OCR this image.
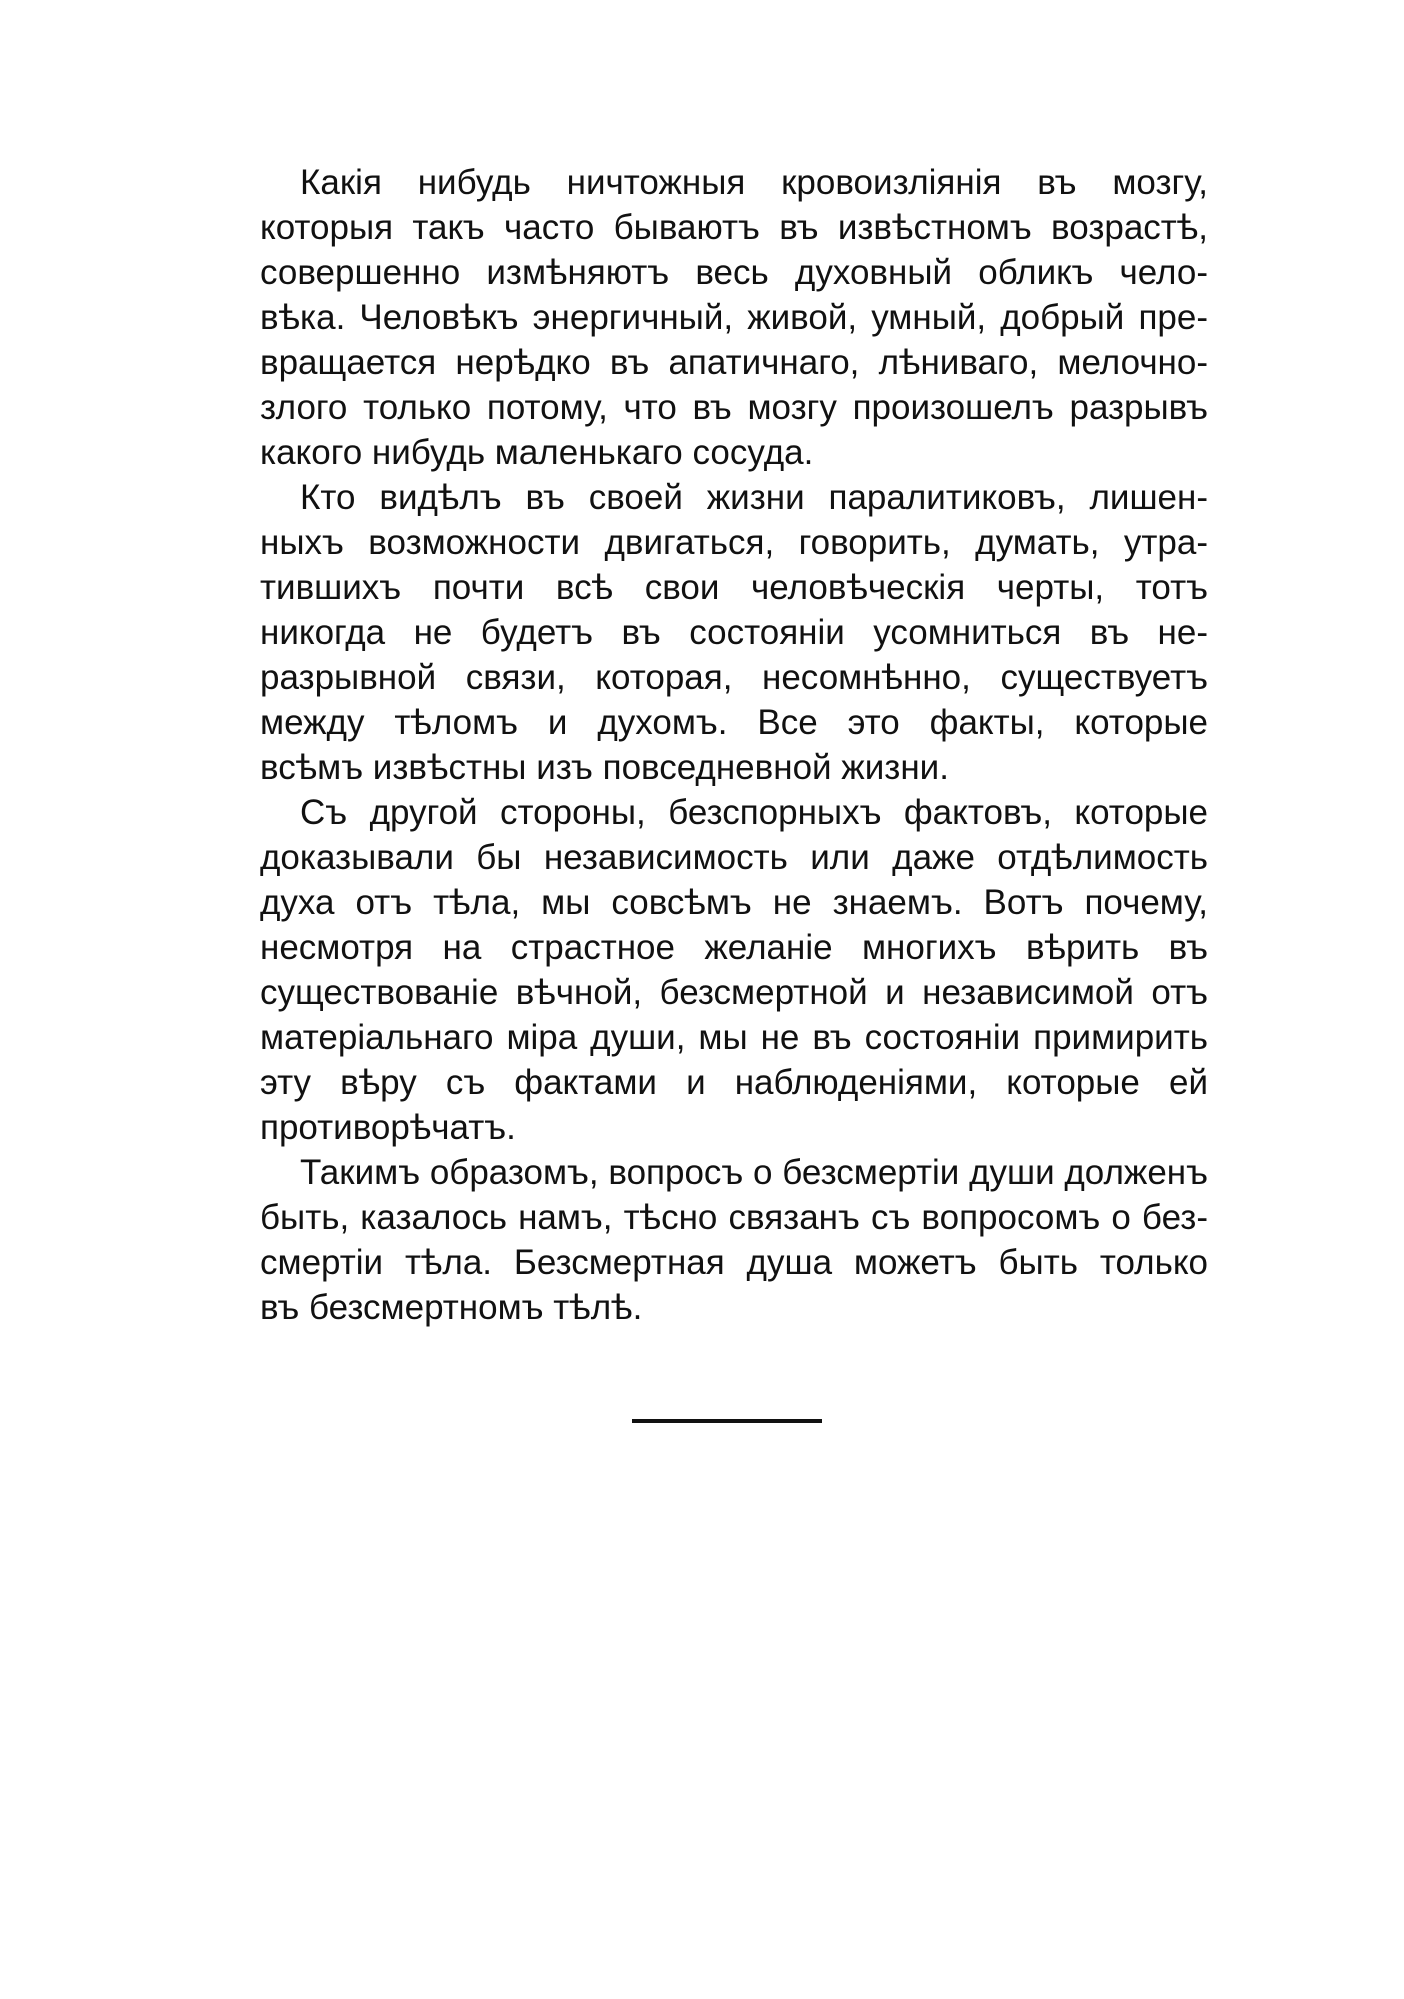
Какія нибудь ничтожныя кровоизліянія въ мозгу,
которыя такъ часто бываютъ въ извѣстномъ возрастѣ,
совершенно измѣняютъ весь духовный обликъ чело-
вѣка. Человѣкъ энергичный, живой, умный, добрый пре-
вращается нерѣдко въ апатичнаго, лѣниваго, мелочно-
злого только потому, что въ мозгу произошелъ разрывъ
какого нибудь маленькаго сосуда.
Кто видѣлъ въ своей жизни паралитиковъ, лишен-
ныхъ возможности двигаться, говорить, думать, утра-
тившихъ почти всѣ свои человѣческія черты, тотъ
никогда не будетъ въ состояніи усомниться въ не-
разрывной связи, которая, несомнѣнно, существуетъ
между тѣломъ и духомъ. Все это факты, которые
всѣмъ извѣстны изъ повседневной жизни.
Съ другой стороны, безспорныхъ фактовъ, которые
доказывали бы независимость или даже отдѣлимость
духа отъ тѣла, мы совсѣмъ не знаемъ. Вотъ почему,
несмотря на страстное желаніе многихъ вѣрить въ
существованіе вѣчной, безсмертной и независимой отъ
матеріальнаго міра души, мы не въ состояніи примирить
эту вѣру съ фактами и наблюденіями, которые ей
противорѣчатъ.
Такимъ образомъ, вопросъ о безсмертіи души долженъ
быть, казалось намъ, тѣсно связанъ съ вопросомъ о без-
смертіи тѣла. Безсмертная душа можетъ быть только
въ безсмертномъ тѣлѣ.
